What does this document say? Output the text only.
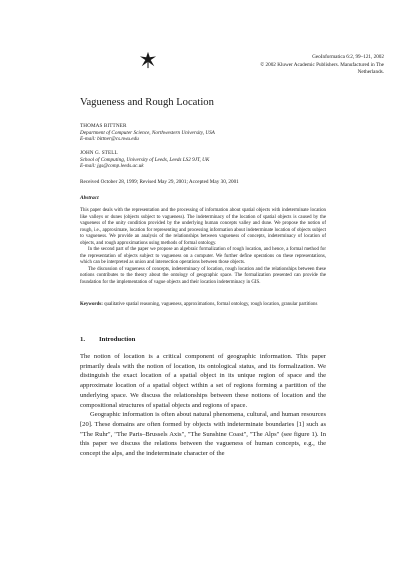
GeoInformatica 6:2, 99–121, 2002
© 2002 Kluwer Academic Publishers. Manufactured in The Netherlands.
Vagueness and Rough Location
THOMAS BITTNER
Department of Computer Science, Northwestern University, USA
E-mail: bittner@cs.nwu.edu
JOHN G. STELL
School of Computing, University of Leeds, Leeds LS2 9JT, UK
E-mail: jgs@comp.leeds.ac.uk
Received October 28, 1999; Revised May 29, 2001; Accepted May 30, 2001
Abstract

This paper deals with the representation and the processing of information about spatial objects with indeterminate location like valleys or dunes (objects subject to vagueness). The indeterminacy of the location of spatial objects is caused by the vagueness of the unity condition provided by the underlying human concepts valley and dune. We propose the notion of rough, i.e., approximate, location for representing and processing information about indeterminate location of objects subject to vagueness. We provide an analysis of the relationships between vagueness of concepts, indeterminacy of location of objects, and rough approximations using methods of formal ontology.

In the second part of the paper we propose an algebraic formalization of rough location, and hence, a formal method for the representation of objects subject to vagueness on a computer. We further define operations on these representations, which can be interpreted as union and intersection operations between those objects.

The discussion of vagueness of concepts, indeterminacy of location, rough location and the relationships between these notions contributes to the theory about the ontology of geographic space. The formalization presented can provide the foundation for the implementation of vague objects and their location indeterminacy in GIS.

Keywords: qualitative spatial reasoning, vagueness, approximations, formal ontology, rough location, granular partitions
1. Introduction

The notion of location is a critical component of geographic information. This paper primarily deals with the notion of location, its ontological status, and its formalization. We distinguish the exact location of a spatial object in its unique region of space and the approximate location of a spatial object within a set of regions forming a partition of the underlying space. We discuss the relationships between these notions of location and the compositional structures of spatial objects and regions of space.

Geographic information is often about natural phenomena, cultural, and human resources [20]. These domains are often formed by objects with indeterminate boundaries [1] such as "The Ruhr", "The Paris–Brussels Axis", "The Sunshine Coast", "The Alps" (see figure 1). In this paper we discuss the relations between the vagueness of human concepts, e.g., the concept the alps, and the indeterminate character of the
